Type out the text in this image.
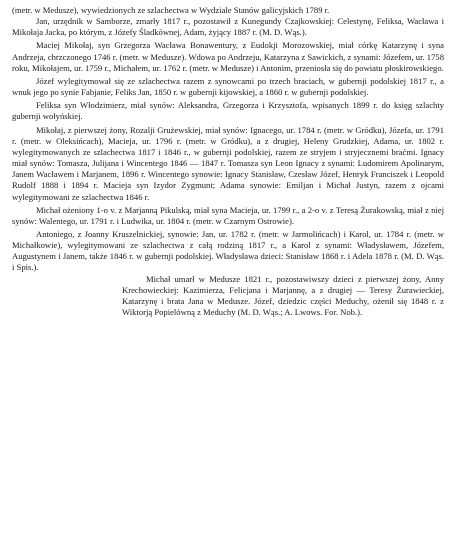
(metr. w Medusze), wywiedzionych ze szlachectwa w Wydziale Stanów galicyjskich 1789 r.

Jan, urzędnik w Samborze, zmarły 1817 r., pozostawił z Kunegundy Czajkowskiej: Celestynę, Feliksa, Wacława i Mikołaja Jacka, po którym, z Józefy Śladkównej, Adam, żyjący 1887 r. (M. D. Wąs.).

Maciej Mikołaj, syn Grzegorza Wacława Bonawentury, z Eudokji Morozowskiej, miał córkę Katarzynę i syna Andrzeja, chrzczonego 1746 r. (metr. w Medusze). Wdowa po Andrzeju, Katarzyna z Sawickich, z synami: Józefem, ur. 1758 roku, Mikołajem, ur. 1759 r., Michałem, ur. 1762 r. (metr. w Medusze) i Antonim, przeniosła się do powiatu płoskirowskiego.

Józef wylegitymował się ze szlachectwa razem z synowcami po trzech braciach, w gubernji podolskiej 1817 r., a wnuk jego po synie Fabjanie, Feliks Jan, 1850 r. w gubernji kijowskiej, a 1860 r. w gubernji podolskiej.

Feliksa syn Włodzimierz, miał synów: Aleksandra, Grzegorza i Krzysztofa, wpisanych 1899 r. do księg szlachty gubernji wołyńskiej.

Mikołaj, z pierwszej żony, Rozalji Grużewskiej, miał synów: Ignacego, ur. 1784 r. (metr. w Gródku), Józefa, ur. 1791 r. (metr. w Oleksińcach), Macieja, ur. 1796 r. (metr. w Gródku), a z drugiej, Heleny Grudzkiej, Adama, ur. 1802 r. wylegitymowanych ze szlachectwa 1817 i 1846 r., w gubernji podolskiej, razem ze stryjem i stryjecznemi braćmi. Ignacy miał synów: Tomasza, Julijana i Wincentego 1846 — 1847 r. Tomasza syn Leon Ignacy z synami: Ludomirem Apolinarym, Janem Wacławem i Marjanem, 1896 r. Wincentego synowie: Ignacy Stanisław, Czesław Józef, Henryk Franciszek i Leopold Rudolf 1888 i 1894 r. Macieja syn Izydor Zygmunt; Adama synowie: Emiljan i Michał Justyn, razem z ojcami wylegitymowani ze szlachectwa 1846 r.

Michał ożeniony 1-o v. z Marjanną Pikulską, miał syna Macieja, ur. 1799 r., a 2-o v. z Teresą Żurakowską, miał z niej synów: Walentego, ur. 1791 r. i Ludwika, ur. 1804 r. (metr. w Czarnym Ostrowie).

Antoniego, z Joanny Kruszelnickiej, synowie: Jan, ur. 1782 r. (metr. w Jarmolińcach) i Karol, ur. 1784 r. (metr. w Michałkowie), wylegitymowani ze szlachectwa z całą rodziną 1817 r., a Karol z synami: Władysławem, Józefem, Augustynem i Janem, także 1846 r. w gubernji podolskiej. Władysława dzieci: Stanisław 1868 r. i Adela 1878 r. (M. D. Wąs. i Spis.).

Michał umarł w Medusze 1821 r., pozostawiwszy dzieci z pierwszej żony, Anny Krechowieckiej: Kazimierza, Felicjana i Marjannę, a z drugiej — Teresy Żurawieckiej, Katarzynę i brata Jana w Medusze. Józef, dziedzic części Meduchy, ożenił się 1848 r. z Wiktorją Popielówną z Meduchy (M. D. Wąs.; A. Lwows. For. Nob.).
